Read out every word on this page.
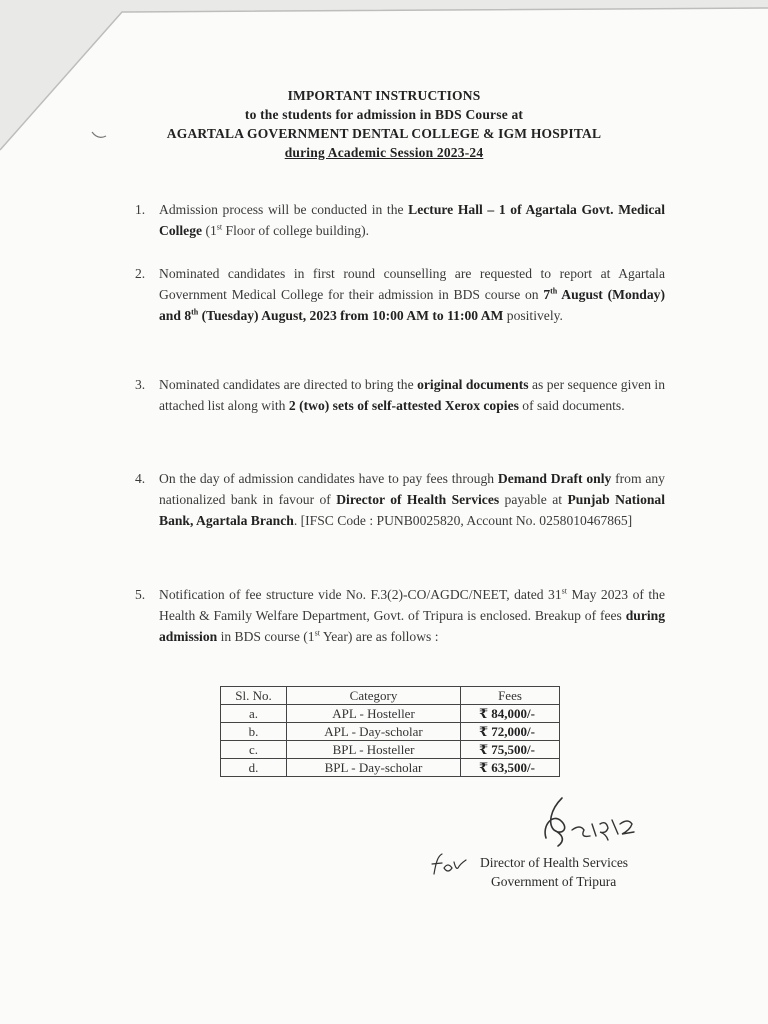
IMPORTANT INSTRUCTIONS
to the students for admission in BDS Course at
AGARTALA GOVERNMENT DENTAL COLLEGE & IGM HOSPITAL
during Academic Session 2023-24
1.	Admission process will be conducted in the Lecture Hall – 1 of Agartala Govt. Medical College (1st Floor of college building).
2.	Nominated candidates in first round counselling are requested to report at Agartala Government Medical College for their admission in BDS course on 7th August (Monday) and 8th (Tuesday) August, 2023 from 10:00 AM to 11:00 AM positively.
3.	Nominated candidates are directed to bring the original documents as per sequence given in attached list along with 2 (two) sets of self-attested Xerox copies of said documents.
4.	On the day of admission candidates have to pay fees through Demand Draft only from any nationalized bank in favour of Director of Health Services payable at Punjab National Bank, Agartala Branch. [IFSC Code : PUNB0025820, Account No. 0258010467865]
5.	Notification of fee structure vide No. F.3(2)-CO/AGDC/NEET, dated 31st May 2023 of the Health & Family Welfare Department, Govt. of Tripura is enclosed. Breakup of fees during admission in BDS course (1st Year) are as follows :
Sl. No.	Category	Fees
a.	APL - Hosteller	₹ 84,000/-
b.	APL - Day-scholar	₹ 72,000/-
c.	BPL - Hosteller	₹ 75,500/-
d.	BPL - Day-scholar	₹ 63,500/-
Director of Health Services
Government of Tripura
